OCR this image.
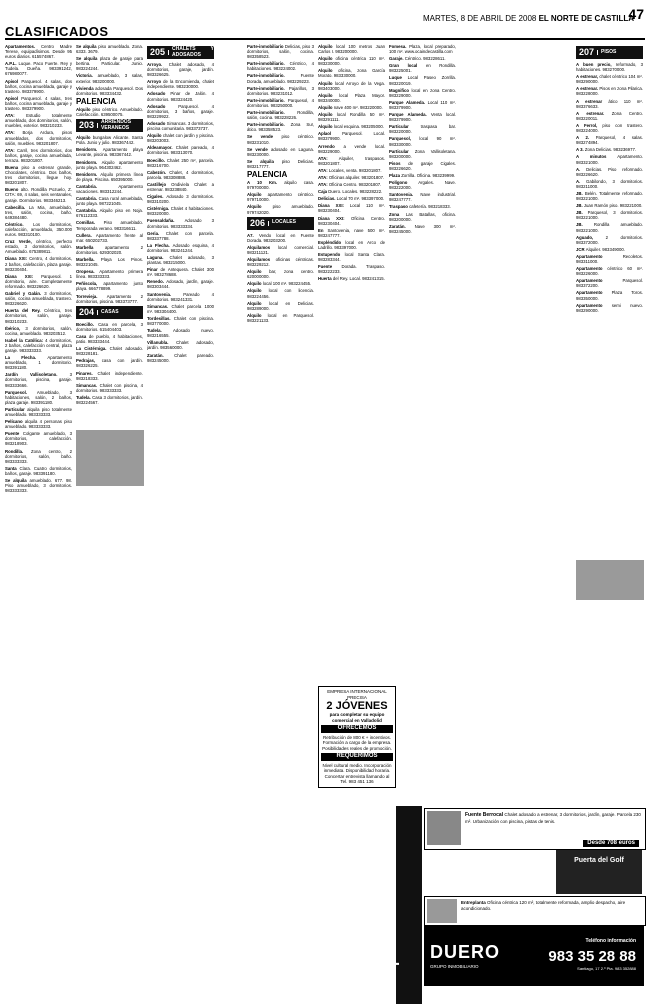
47
MARTES, 8 DE ABRIL DE 2008 EL NORTE DE CASTILLA
CLASIFICADOS

Apartamentos. Centro Madre Terese, equipadísimos. Desde 95 euros diarios. 615574867.

A.P.L. Luque. Paco Fuerte. Rey y Tudela. Dueña. 983391242, 676980077.

Apisol Parquesol. 4 salas, dos baños, cocina amueblada, garaje y trastero. 983379900.

Apisol Parquesol. 4 salas, tres baños, cocina amueblada, garaje y trastero. 983379900.

ATA: Estudio totalmente amueblado, dos dormitorios, salón, muebles, exterior. 983210233.

ATA: Borja Ardura, pisos amueblados, dos dormitorios, salón, muebles. 983201807.

ATA: Carril, tres dormitorios, dos baños, garaje, cocina amueblada, terraza. 983201807.

Buena piso a estrenar grande, Chocolates, céntrico. Dos baños, tres dormitorios, llegue hoy. 983201807.

Bueno alto. Rondilla Pozuelo, Z. CITA: 69, 4 salas, seis ventanales, garaje. Dormitorios. 983346213.

Cabecilla. La Mia, amueblado, tres, salón, cocina, baño. 649384480.

Céntrico. Los dormitorios, calefacción, amueblado, 350.000 euros. 983310100.

Cruz Verde, céntrico, perfecto estado, 3 dormitorios, salón. Amueblado. 675389811.

Diana XXI: Centro, 4 dormitorios, 2 baños, calefacción, plaza garaje. 983230404.

Diana XXI: Parquesol. 1 dormitorio, aire. Completamente reformado. 983226620.

Gabriel y Galán. 3 dormitorios, salón, cocina amueblada, trastero. 983226620.

Huerta del Rey. Céntrico, tres dormitorios, salón, garaje. 983210233.

Ibérico, 3 dormitorios, salón, cocina, amueblado. 983203512.

Isabel la Católica: 4 dormitorios, 2 baños, calefacción central, plaza garaje. 983333333.

La Flecha. Apartamento amueblado, 1 dormitorio. 983391180.

Jardín Vallisoletano. 3 dormitorios, piscina, garaje. 983333666.

Parquesol. Amueblado, 3 habitaciones, salón, 2 baños, plaza garaje. 983391180.

Particular alquila piso totalmente amueblado. 983333333.

Pelícano alquila 4 personas piso amueblado. 983333333.

Puente Colgante amueblado, 3 dormitorios, calefacción. 983218903.

Rondilla. Zona centro, 2 dormitorios, salón, baño. 983333333.

Santa Clara. Cuatro dormitorios, baños, garaje. 983391180.

Se alquila amueblado. 677. 98. Piso amueblado, 3 dormitorios. 983333333.

Se alquila piso amueblado. Zona. 6333. 3679.

Se alquila plaza de garaje para bertina. Particular. Junio. 983224244.

Victoria. amueblado, 3 salas, exterior. 983200000.

Vivienda adosada Parquesol. Dos dormitorios. 983334432.

PALENCIA

Alquilo piso céntrico. Amueblado. Calefacción. 639500075.

203	ARRIENDOS VERANEOS

Alquilo bungalow Alicante. Santa Pola. Junio y julio. 983367442.

Benidorm. Apartamento playa Levante, piscina. 983367442.

Benidorm. Alquilo apartamento junto playa. 964302462.

Benidorm. Alquilo primera línea de playa. Piscina. 650395000.

Cantabria. Apartamento vacaciones. 983312244.

Cantabria. Casa rural amueblada, junto playa. 987221045.

Cantabria. Alquilo piso en Noja. 676112333.

Comillas. Piso amueblado. Temporada verano. 983316611.

Cullera. Apartamento frente al mar. 650202733.

Marbella apartamento 2 dormitorios. 629302020.

Marbella. Playa Los Pinos. 983221045.

Oropesa. Apartamento primera línea. 983333333.

Peñíscola, apartamento junto playa. 666778899.

Torrevieja. Apartamento 2 dormitorios, piscina. 983373777.

204	CASAS

Boecillo. Casa en parcela, 3 dormitorios. 615404403.

Casa de pueblo, 4 habitaciones, patio. 983333444.

La Cistérniga. Chalet adosado. 983228181.

Pedrajas, casa con jardín. 983326225.

Pinares. Chalet independiente. 983218333.

Simancas. Chalet con piscina, 4 dormitorios. 983333333.

Tudela. Casa 3 dormitorios, jardín. 983224567.

205	CHALETS Y ADOSADOS

Arroyo. Chalet adosado, 4 dormitorios, garaje, jardín. 983326625.

Arroyo de la Encomienda, chalet independiente. 983230000.

Adosado Pinar de Jalón. 4 dormitorios. 983324420.

Adosado Parquesol. 4 dormitorios, 3 baños, garaje. 983229922.

Adosado Simancas. 3 dormitorios, piscina comunitaria. 983373737.

Alquilo chalet con jardín y piscina. 983203003.

Aldeamayor. Chalet pareado, 4 dormitorios. 983313070.

Boecillo. Chalet 250 m², parcela. 983216700.

Cabezón. Chalet, 4 dormitorios, parcela. 983308888.

Castillejo Ondiviela Chalet a estrenar. 983238840.

Cigales. Adosado 3 dormitorios. 983310200.

Cistérniga. Chalet 4 habitaciones. 983320000.

Fuensaldaña. Adosado 3 dormitorios. 983333334.

Geria. Chalet con parcela. 983337788.

La Flecha. Adosado esquina, 4 dormitorios. 983241244.

Laguna. Chalet adosado, 3 plantas. 983215000.

Pinar de Antequera. Chalet 300 m². 983278688.

Renedo. Adosado, jardín, garaje. 983303444.

Santovenia. Pareado 4 dormitorios. 983241331.

Simancas. Chalet parcela 1000 m². 983304400.

Tordesillas. Chalet con piscina. 983770000.

Tudela. Adosado nuevo. 983216555.

Villanubla. Chalet adosado, jardín. 983560000.

Zaratán. Chalet pareado. 983245000.

Parte-inmobiliario Delicias, piso 3 dormitorios, salón, cocina. 983358523.

Parte-inmobiliario. Céntrico, 4 habitaciones. 983224002.

Parte-inmobiliario. Fuente Dorada, amueblado. 983229223.

Parte-inmobiliario. Pajarillos, 3 dormitorios. 983231012.

Parte-inmobiliario. Parquesol, 4 dormitorios. 983250000.

Parte-inmobiliario. Rondilla, salón, cocina. 983228226.

Parte-inmobiliario. Zona Sur, ático. 983358523.

Se vende piso céntrico. 983231010.

Se vende adosado en Laguna. 983230000.

Se alquila piso Delicias. 983217777.

PALENCIA

A 10 Km. alquilo casa. 979700000.

Alquilo apartamento céntrico. 979710000.

Alquilo piso amueblado. 979742020.

206	LOCALES

A7. Vendo local en Fuente Dorada. 983203200.

Alquilamos local comercial. 983211121.

Alquilamos oficinas céntricas. 983229212.

Alquilo bar, zona centro. 620000000.

Alquilo local 100 m². 983224455.

Alquilo local con licencia. 983224456.

Alquilo local en Delicias. 983289000.

Alquilo local en Parquesol. 983221133.

Alquilo local 100 metros Juan Carlos I. 983200000.

Alquilo oficina céntrica 110 m². 983230000.

Alquilo oficina, zona García Morato. 983330000.

Alquilo local Arroyo de la Vega. 983403000.

Alquilo local Plaza Mayor. 983340000.

Alquilo nave 400 m². 983220000.

Alquilo local Rondilla 50 m². 983291111.

Alquilo local esquina. 983205000.

Aplaol Parquesol. Local. 983379900.

Arrendo a vende local. 983229000.

ATA: Alquiler, traspasos. 983201807.

ATA: Locales, venta. 983201807.

ATA: Oficinas alquiler. 983201807.

ATA: Oficina Centro. 983201807.

Caja Duero. Locales. 983228222.

Delicias. Local 70 m². 983397000.

Diana XXI: Local 110 m². 983230404.

Diana XXI: Oficina Centro. 983230404.

En Santovenia, nave 500 m². 983247777.

Espléndido local en Arco de Ladrillo. 983397000.

Estupendo local Santa Clara. 983283344.

Fuente Dorada. Traspaso. 983222233.

Huerta del Rey. Local. 983241315.

Fomesa. Plaza, local preparado, 100 m². www.ocaindecastilla.com

Garaje. Céntrico. 983228611.

Gran local en Rondilla. 983225001.

Luque Local Paseo Zorrilla. 983220019.

Magnifico local en zona Centro. 983229000.

Parque Alameda. Local 110 m². 983379900.

Parque Alameda. Venta local. 983379900.

Particular traspasa bar. 983220000.

Parquesol, local 90 m². 983330000.

Particular Zona Vallisoletana. 983200000.

Pisos de garaje Cigales. 983226620.

Plaza Zorrilla. Oficina. 983239999.

Polígono Argales. Nave. 983222000.

Santovenia. Nave industrial. 983247777.

Traspaso cafetería. 983218333.

Zona Las Batallas, oficina. 983200000.

Zaratán. Nave 300 m². 983245000.

207	PISOS

A buen precio, reformado, 3 habitaciones. 983270000.

A estrenar, chalet céntrico 104 m². 983290000.

A estrenar. Pisos en zona Pilarica. 983228000.

A estrenar ático 110 m². 983376633.

A estrenar. Zona Centro. 983220011.

A Ferrol, piso con trastero. 983224000.

A 2. Parquesol, 4 salas. 983274894.

A 3. Zona Delicias. 983236977.

A minutos Apartamento. 983321000.

A. Delicias. Piso reformado. 983226620.

A. Gabilondo, 3 dormitorios. 983211000.

JB. Belén. Totalmente reformado. 983221000.

JB. Juan Ramón piso. 983221000.

JB. Parquesol, 3 dormitorios. 983221000.

JB. Rondilla amueblado. 983221000.

Aguado, 2 dormitorios. 983372000.

JCR Alquiler. 983349000.

Apartamento Recoletos. 983311000.

Apartamento céntrico 60 m². 983226000.

Apartamento Parquesol. 983372200.

Apartamento Plaza Toros. 983350000.

Apartamento semi nuevo. 983290000.

EMPRESA INTERNACIONAL PRECISA
2 JÓVENES
para completar su equipo comercial en Valladolid
OFRECEMOS
Retribución de 800 € + incentivos. Formación a cargo de la empresa. Posibilidades reales de promoción.
REQUERIMOS
Nivel cultural medio. Incorporación inmediata. Disponibilidad horaria.
Concertar entrevista llamando al Tel. 983 451 136
Alquileres
Fuente Berrocal Chalet adosado a estrenar, 3 dormitorios, jardín, garaje. Parcela 230 m². Urbanización con piscina, pistas de tenis.
Desde 708 euros
Puerta del Golf
Entreplanta Oficina céntrica 120 m², totalmente reformada, amplio despacho, aire acondicionado.
DUERO
GRUPO INMOBILIARIO
Teléfono información
983 35 28 88
Santiago, 17 2.º Pta. 983 352888
